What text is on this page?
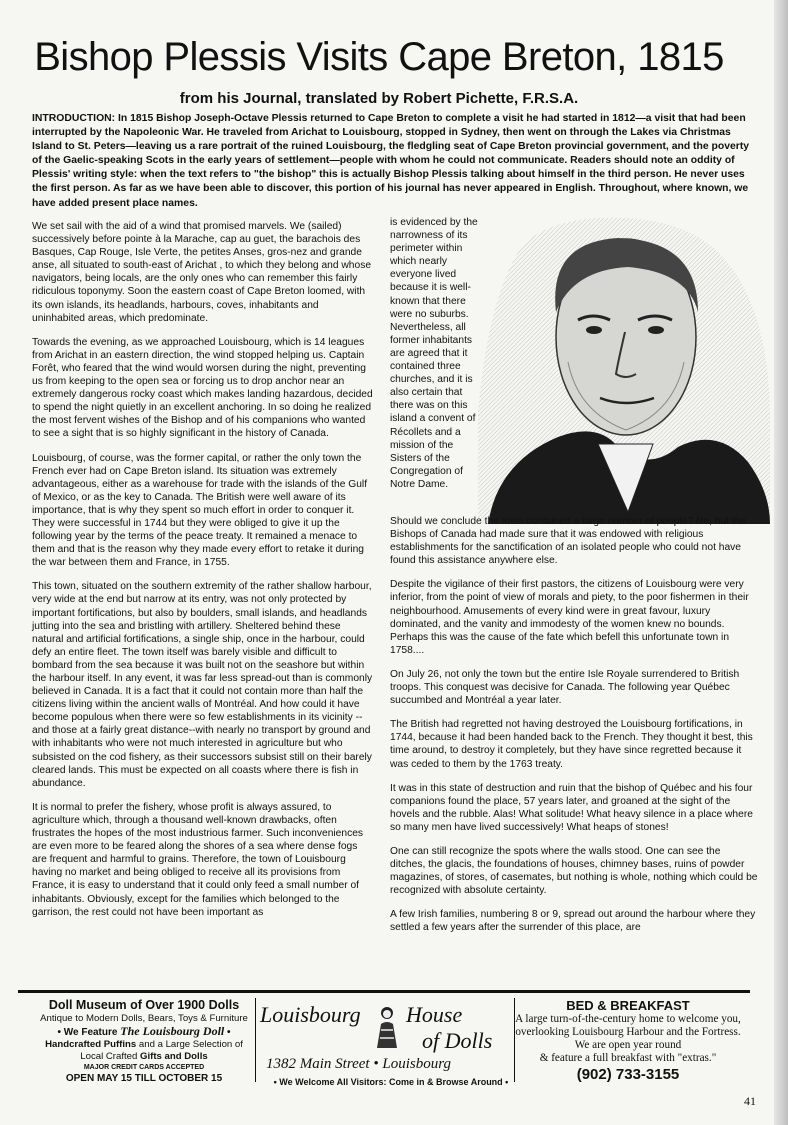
Bishop Plessis Visits Cape Breton, 1815
from his Journal, translated by Robert Pichette, F.R.S.A.

INTRODUCTION: In 1815 Bishop Joseph-Octave Plessis returned to Cape Breton to complete a visit he had started in 1812—a visit that had been interrupted by the Napoleonic War. He traveled from Arichat to Louisbourg, stopped in Sydney, then went on through the Lakes via Christmas Island to St. Peters—leaving us a rare portrait of the ruined Louisbourg, the fledgling seat of Cape Breton provincial government, and the poverty of the Gaelic-speaking Scots in the early years of settlement—people with whom he could not communicate. Readers should note an oddity of Plessis' writing style: when the text refers to "the bishop" this is actually Bishop Plessis talking about himself in the third person. He never uses the first person. As far as we have been able to discover, this portion of his journal has never appeared in English. Throughout, where known, we have added present place names.

We set sail with the aid of a wind that promised marvels. We (sailed) successively before pointe à la Marache, cap au guet, the barachois des Basques, Cap Rouge, Isle Verte, the petites Anses, gros-nez and grande anse, all situated to south-east of Arichat , to which they belong and whose navigators, being locals, are the only ones who can remember this fairly ridiculous toponymy. Soon the eastern coast of Cape Breton loomed, with its own islands, its headlands, harbours, coves, inhabitants and uninhabited areas, which predominate.

Towards the evening, as we approached Louisbourg, which is 14 leagues from Arichat in an eastern direction, the wind stopped helping us. Captain Forêt, who feared that the wind would worsen during the night, preventing us from keeping to the open sea or forcing us to drop anchor near an extremely dangerous rocky coast which makes landing hazardous, decided to spend the night quietly in an excellent anchoring. In so doing he realized the most fervent wishes of the Bishop and of his companions who wanted to see a sight that is so highly significant in the history of Canada.

Louisbourg, of course, was the former capital, or rather the only town the French ever had on Cape Breton island. Its situation was extremely advantageous, either as a warehouse for trade with the islands of the Gulf of Mexico, or as the key to Canada. The British were well aware of its importance, that is why they spent so much effort in order to conquer it. They were successful in 1744 but they were obliged to give it up the following year by the terms of the peace treaty. It remained a menace to them and that is the reason why they made every effort to retake it during the war between them and France, in 1755.

This town, situated on the southern extremity of the rather shallow harbour, very wide at the end but narrow at its entry, was not only protected by important fortifications, but also by boulders, small islands, and headlands jutting into the sea and bristling with artillery. Sheltered behind these natural and artificial fortifications, a single ship, once in the harbour, could defy an entire fleet. The town itself was barely visible and difficult to bombard from the sea because it was built not on the seashore but within the harbour itself. In any event, it was far less spread-out than is commonly believed in Canada. It is a fact that it could not contain more than half the citizens living within the ancient walls of Montréal. And how could it have become populous when there were so few establishments in its vicinity --and those at a fairly great distance--with nearly no transport by ground and with inhabitants who were not much interested in agriculture but who subsisted on the cod fishery, as their successors subsist still on their barely cleared lands. This must be expected on all coasts where there is fish in abundance.

It is normal to prefer the fishery, whose profit is always assured, to agriculture which, through a thousand well-known drawbacks, often frustrates the hopes of the most industrious farmer. Such inconveniences are even more to be feared along the shores of a sea where dense fogs are frequent and harmful to grains. Therefore, the town of Louisbourg having no market and being obliged to receive all its provisions from France, it is easy to understand that it could only feed a small number of inhabitants. Obviously, except for the families which belonged to the garrison, the rest could not have been important as

is evidenced by the narrowness of its perimeter within which nearly everyone lived because it is well-known that there were no suburbs. Nevertheless, all former inhabitants are agreed that it contained three churches, and it is also certain that there was on this island a convent of Récollets and a mission of the Sisters of the Congregation of Notre Dame.

Should we conclude the town contained a large number of people? No, but the Bishops of Canada had made sure that it was endowed with religious establishments for the sanctification of an isolated people who could not have found this assistance anywhere else.

Despite the vigilance of their first pastors, the citizens of Louisbourg were very inferior, from the point of view of morals and piety, to the poor fishermen in their neighbourhood. Amusements of every kind were in great favour, luxury dominated, and the vanity and immodesty of the women knew no bounds. Perhaps this was the cause of the fate which befell this unfortunate town in 1758....

On July 26, not only the town but the entire Isle Royale surrendered to British troops. This conquest was decisive for Canada. The following year Québec succumbed and Montréal a year later.

The British had regretted not having destroyed the Louisbourg fortifications, in 1744, because it had been handed back to the French. They thought it best, this time around, to destroy it completely, but they have since regretted because it was ceded to them by the 1763 treaty.

It was in this state of destruction and ruin that the bishop of Québec and his four companions found the place, 57 years later, and groaned at the sight of the hovels and the rubble. Alas! What solitude! What heavy silence in a place where so many men have lived successively! What heaps of stones!

One can still recognize the spots where the walls stood. One can see the ditches, the glacis, the foundations of houses, chimney bases, ruins of powder magazines, of stores, of casemates, but nothing is whole, nothing which could be recognized with absolute certainty.

A few Irish families, numbering 8 or 9, spread out around the harbour where they settled a few years after the surrender of this place, are

Doll Museum of Over 1900 Dolls
Antique to Modern Dolls, Bears, Toys & Furniture
• We Feature The Louisbourg Doll •
Handcrafted Puffins and a Large Selection of
Local Crafted Gifts and Dolls
MAJOR CREDIT CARDS ACCEPTED
OPEN MAY 15 TILL OCTOBER 15
Louisbourg House
of Dolls
1382 Main Street • Louisbourg
• We Welcome All Visitors: Come in & Browse Around •
BED & BREAKFAST
A large turn-of-the-century home to welcome you,
overlooking Louisbourg Harbour and the Fortress.
We are open year round
& feature a full breakfast with "extras."
(902) 733-3155
41
